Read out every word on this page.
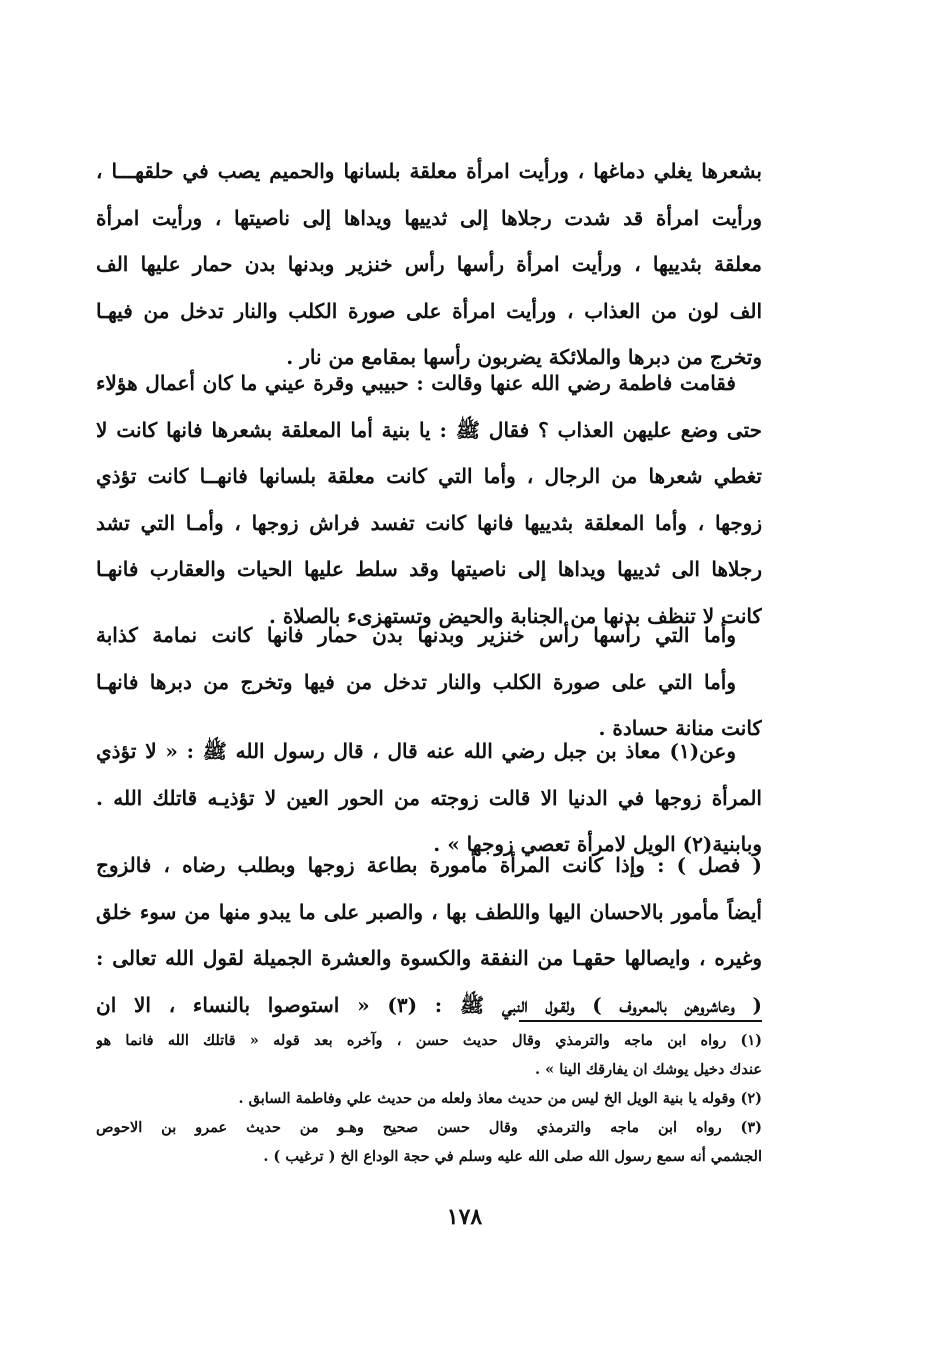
بشعرها يغلي دماغها ، ورأيت امرأة معلقة بلسانها والحميم يصب في حلقهـــا ،
ورأيت امرأة قد شدت رجلاها إلى ثدييها ويداها إلى ناصيتها ، ورأيت امرأة
معلقة بثدييها ، ورأيت امرأة رأسها رأس خنزير وبدنها بدن حمار عليها الف
الف لون من العذاب ، ورأيت امرأة على صورة الكلب والنار تدخل من فيهـا
وتخرج من دبرها والملائكة يضربون رأسها بمقامع من نار .
فقامت فاطمة رضي الله عنها وقالت : حبيبي وقرة عيني ما كان أعمال هؤلاء
حتى وضع عليهن العذاب ؟ فقال ﷺ : يا بنية أما المعلقة بشعرها فانها كانت لا
تغطي شعرها من الرجال ، وأما التي كانت معلقة بلسانها فانهــا كانت تؤذي
زوجها ، وأما المعلقة بثدييها فانها كانت تفسد فراش زوجها ، وأمـا التي تشد
رجلاها الى ثدييها ويداها إلى ناصيتها وقد سلط عليها الحيات والعقارب فانهـا
كانت لا تنظف بدنها من الجنابة والحيض وتستهزىء بالصلاة .
وأما التي رأسها رأس خنزير وبدنها بدن حمار فانها كانت نمامة كذابة
وأما التي على صورة الكلب والنار تدخل من فيها وتخرج من دبرها فانهـا
كانت منانة حسادة .
وعن(١) معاذ بن جبل رضي الله عنه قال ، قال رسول الله ﷺ : « لا تؤذي
المرأة زوجها في الدنيا الا قالت زوجته من الحور العين لا تؤذيـه قاتلك الله .
وبابنية(٢) الويل لامرأة تعصي زوجها » .
( فصل ) : وإذا كانت المرأة مأمورة بطاعة زوجها وبطلب رضاه ، فالزوج
أيضاً مأمور بالاحسان اليها واللطف بها ، والصبر على ما يبدو منها من سوء خلق
وغيره ، وايصالها حقهـا من النفقة والكسوة والعشرة الجميلة لقول الله تعالى :
( وعاشروهن بالمعروف ) ولقـول النبي ﷺ : (٣) « استوصوا بالنساء ، الا ان
(١) رواه ابن ماجه والترمذي وقال حديث حسن ، وآخره بعد قوله « قاتلك الله فانما هو
عندك دخيل يوشك ان يفارقك الينا » .
(٢) وقوله يا بنية الويل الخ ليس من حديث معاذ ولعله من حديث علي وفاطمة السابق .
(٣) رواه ابن ماجه والترمذي وقال حسن صحيح وهـو من حديث عمرو بن الاحوص
الجشمي أنه سمع رسول الله صلى الله عليه وسلم في حجة الوداع الخ ( ترغيب ) .
١٧٨
